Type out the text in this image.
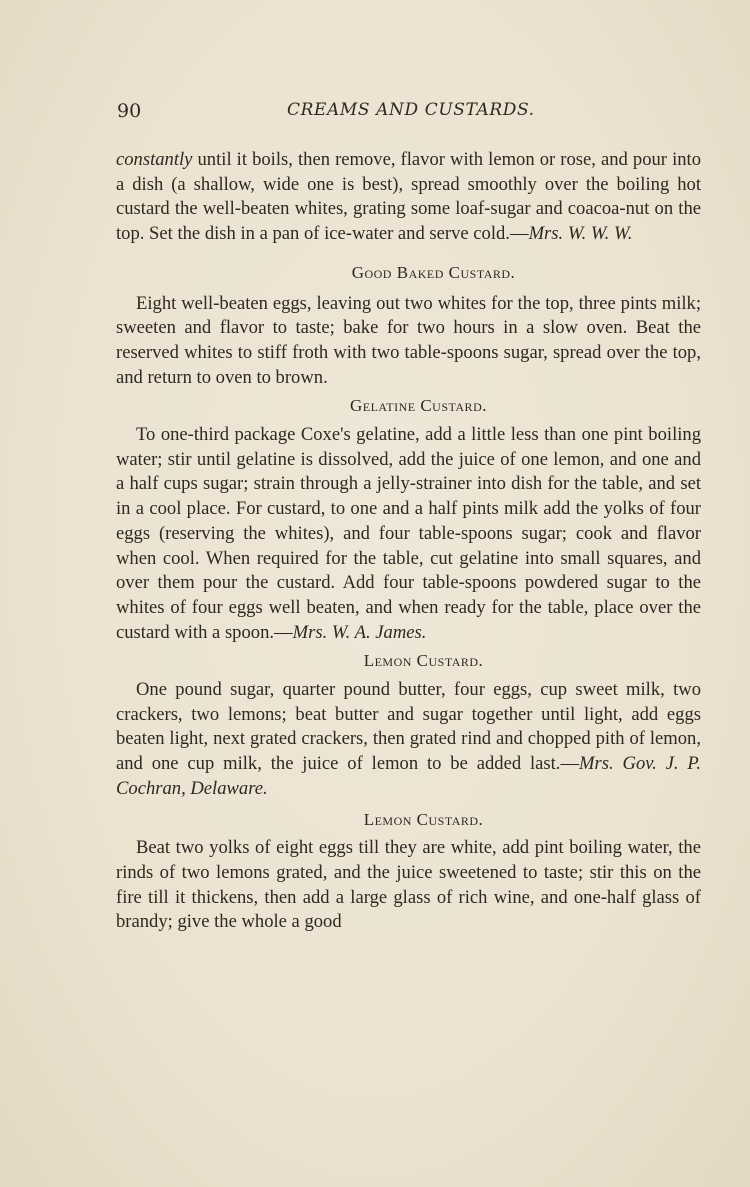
90	CREAMS AND CUSTARDS.

constantly until it boils, then remove, flavor with lemon or rose, and pour into a dish (a shallow, wide one is best), spread smoothly over the boiling hot custard the well-beaten whites, grating some loaf-sugar and coacoa-nut on the top. Set the dish in a pan of ice-water and serve cold.—Mrs. W. W. W.

Good Baked Custard.

Eight well-beaten eggs, leaving out two whites for the top, three pints milk; sweeten and flavor to taste; bake for two hours in a slow oven. Beat the reserved whites to stiff froth with two table-spoons sugar, spread over the top, and return to oven to brown.

Gelatine Custard.

To one-third package Coxe's gelatine, add a little less than one pint boiling water; stir until gelatine is dissolved, add the juice of one lemon, and one and a half cups sugar; strain through a jelly-strainer into dish for the table, and set in a cool place. For custard, to one and a half pints milk add the yolks of four eggs (reserving the whites), and four table-spoons sugar; cook and flavor when cool. When required for the table, cut gelatine into small squares, and over them pour the custard. Add four table-spoons powdered sugar to the whites of four eggs well beaten, and when ready for the table, place over the custard with a spoon.—Mrs. W. A. James.

Lemon Custard.

One pound sugar, quarter pound butter, four eggs, cup sweet milk, two crackers, two lemons; beat butter and sugar together until light, add eggs beaten light, next grated crackers, then grated rind and chopped pith of lemon, and one cup milk, the juice of lemon to be added last.—Mrs. Gov. J. P. Cochran, Delaware.

Lemon Custard.

Beat two yolks of eight eggs till they are white, add pint boiling water, the rinds of two lemons grated, and the juice sweetened to taste; stir this on the fire till it thickens, then add a large glass of rich wine, and one-half glass of brandy; give the whole a good
